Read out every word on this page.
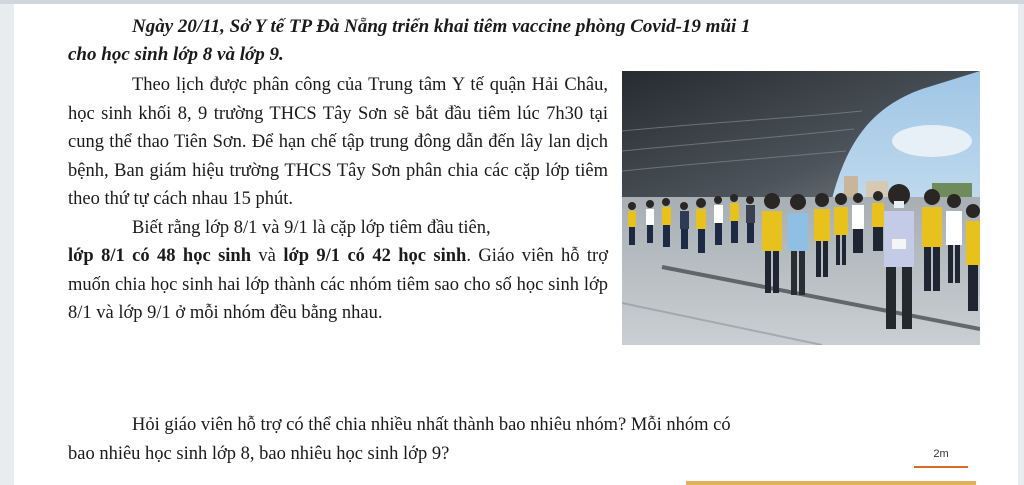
Ngày 20/11, Sở Y tế TP Đà Nẵng triển khai tiêm vaccine phòng Covid-19 mũi 1
cho học sinh lớp 8 và lớp 9.

Theo lịch được phân công của Trung tâm Y tế quận Hải Châu, học sinh khối 8, 9 trường THCS Tây Sơn sẽ bắt đầu tiêm lúc 7h30 tại cung thể thao Tiên Sơn. Để hạn chế tập trung đông dẫn đến lây lan dịch bệnh, Ban giám hiệu trường THCS Tây Sơn phân chia các cặp lớp tiêm theo thứ tự cách nhau 15 phút.

Biết rằng lớp 8/1 và 9/1 là cặp lớp tiêm đầu tiên,

lớp 8/1 có 48 học sinh và lớp 9/1 có 42 học sinh. Giáo viên hỗ trợ muốn chia học sinh hai lớp thành các nhóm tiêm sao cho số học sinh lớp 8/1 và lớp 9/1 ở mỗi nhóm đều bằng nhau.

Hỏi giáo viên hỗ trợ có thể chia nhiều nhất thành bao nhiêu nhóm? Mỗi nhóm có

bao nhiêu học sinh lớp 8, bao nhiêu học sinh lớp 9?	2m
